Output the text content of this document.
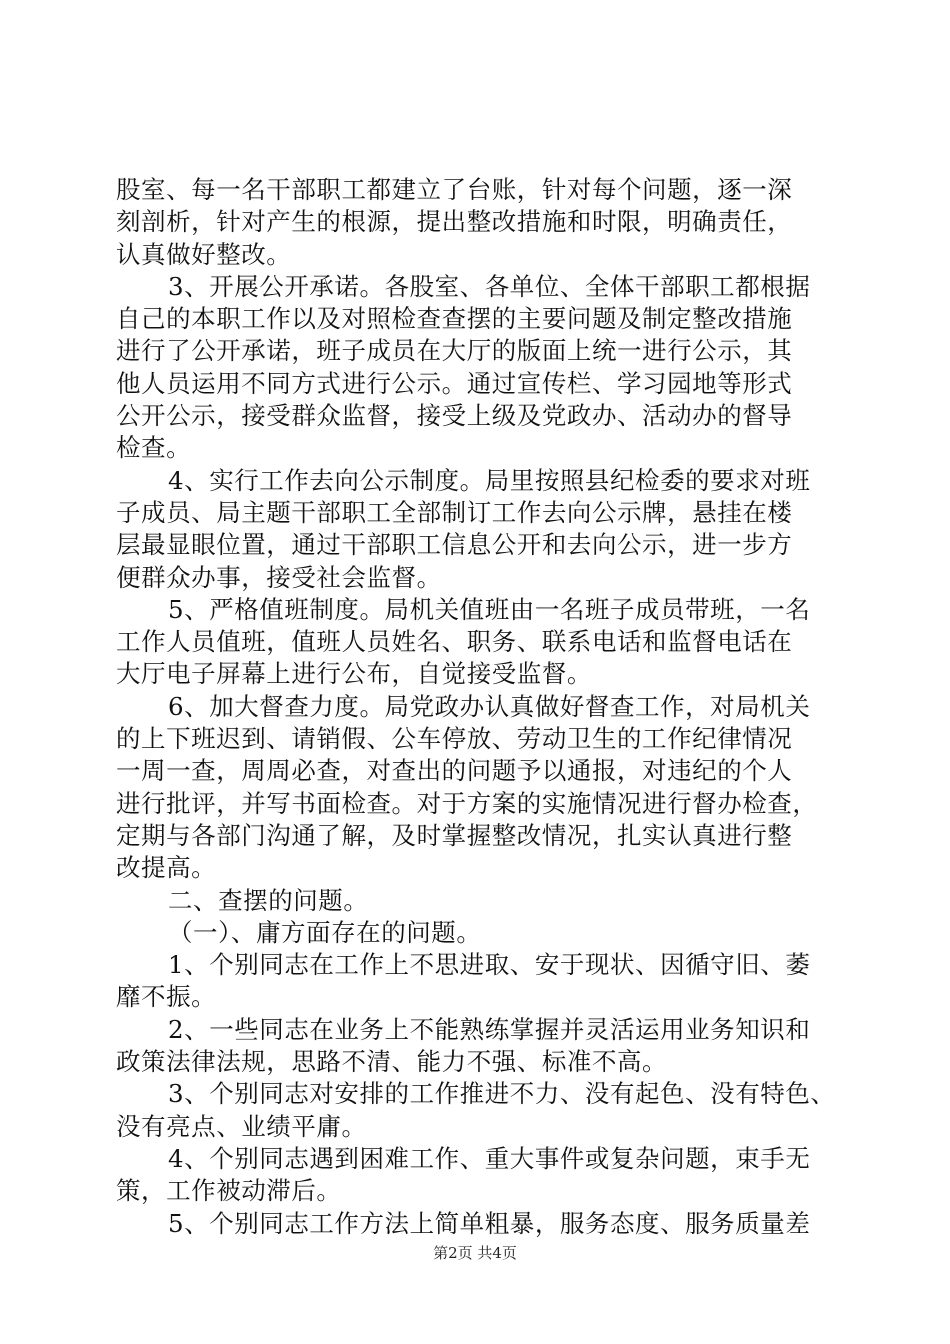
股室、每一名干部职工都建立了台账，针对每个问题，逐一深
刻剖析，针对产生的根源，提出整改措施和时限，明确责任，
认真做好整改。
3、开展公开承诺。各股室、各单位、全体干部职工都根据
自己的本职工作以及对照检查查摆的主要问题及制定整改措施
进行了公开承诺，班子成员在大厅的版面上统一进行公示，其
他人员运用不同方式进行公示。通过宣传栏、学习园地等形式
公开公示，接受群众监督，接受上级及党政办、活动办的督导
检查。
4、实行工作去向公示制度。局里按照县纪检委的要求对班
子成员、局主题干部职工全部制订工作去向公示牌，悬挂在楼
层最显眼位置，通过干部职工信息公开和去向公示，进一步方
便群众办事，接受社会监督。
5、严格值班制度。局机关值班由一名班子成员带班，一名
工作人员值班，值班人员姓名、职务、联系电话和监督电话在
大厅电子屏幕上进行公布，自觉接受监督。
6、加大督查力度。局党政办认真做好督查工作，对局机关
的上下班迟到、请销假、公车停放、劳动卫生的工作纪律情况
一周一查，周周必查，对查出的问题予以通报，对违纪的个人
进行批评，并写书面检查。对于方案的实施情况进行督办检查，
定期与各部门沟通了解，及时掌握整改情况，扎实认真进行整
改提高。
二、查摆的问题。
（一）、庸方面存在的问题。
1、个别同志在工作上不思进取、安于现状、因循守旧、萎
靡不振。
2、一些同志在业务上不能熟练掌握并灵活运用业务知识和
政策法律法规，思路不清、能力不强、标准不高。
3、个别同志对安排的工作推进不力、没有起色、没有特色、
没有亮点、业绩平庸。
4、个别同志遇到困难工作、重大事件或复杂问题，束手无
策，工作被动滞后。
5、个别同志工作方法上简单粗暴，服务态度、服务质量差
第2页 共4页
